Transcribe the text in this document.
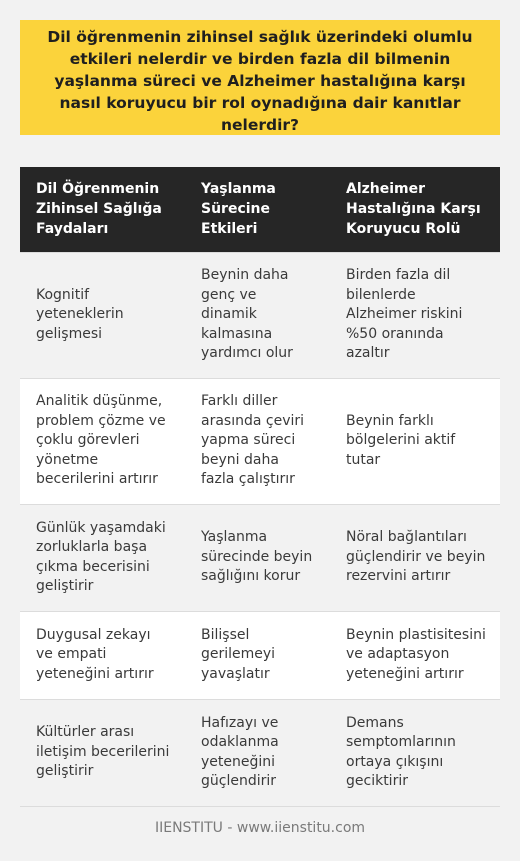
Dil öğrenmenin zihinsel sağlık üzerindeki olumlu etkileri nelerdir ve birden fazla dil bilmenin yaşlanma süreci ve Alzheimer hastalığına karşı nasıl koruyucu bir rol oynadığına dair kanıtlar nelerdir?
Dil Öğrenmenin Zihinsel Sağlığa Faydaları	Yaşlanma Sürecine Etkileri	Alzheimer Hastalığına Karşı Koruyucu Rolü
Kognitif yeteneklerin gelişmesi	Beynin daha genç ve dinamik kalmasına yardımcı olur	Birden fazla dil bilenlerde Alzheimer riskini %50 oranında azaltır
Analitik düşünme, problem çözme ve çoklu görevleri yönetme becerilerini artırır	Farklı diller arasında çeviri yapma süreci beyni daha fazla çalıştırır	Beynin farklı bölgelerini aktif tutar
Günlük yaşamdaki zorluklarla başa çıkma becerisini geliştirir	Yaşlanma sürecinde beyin sağlığını korur	Nöral bağlantıları güçlendirir ve beyin rezervini artırır
Duygusal zekayı ve empati yeteneğini artırır	Bilişsel gerilemeyi yavaşlatır	Beynin plastisitesini ve adaptasyon yeteneğini artırır
Kültürler arası iletişim becerilerini geliştirir	Hafızayı ve odaklanma yeteneğini güçlendirir	Demans semptomlarının ortaya çıkışını geciktirir
IIENSTITU - www.iienstitu.com
